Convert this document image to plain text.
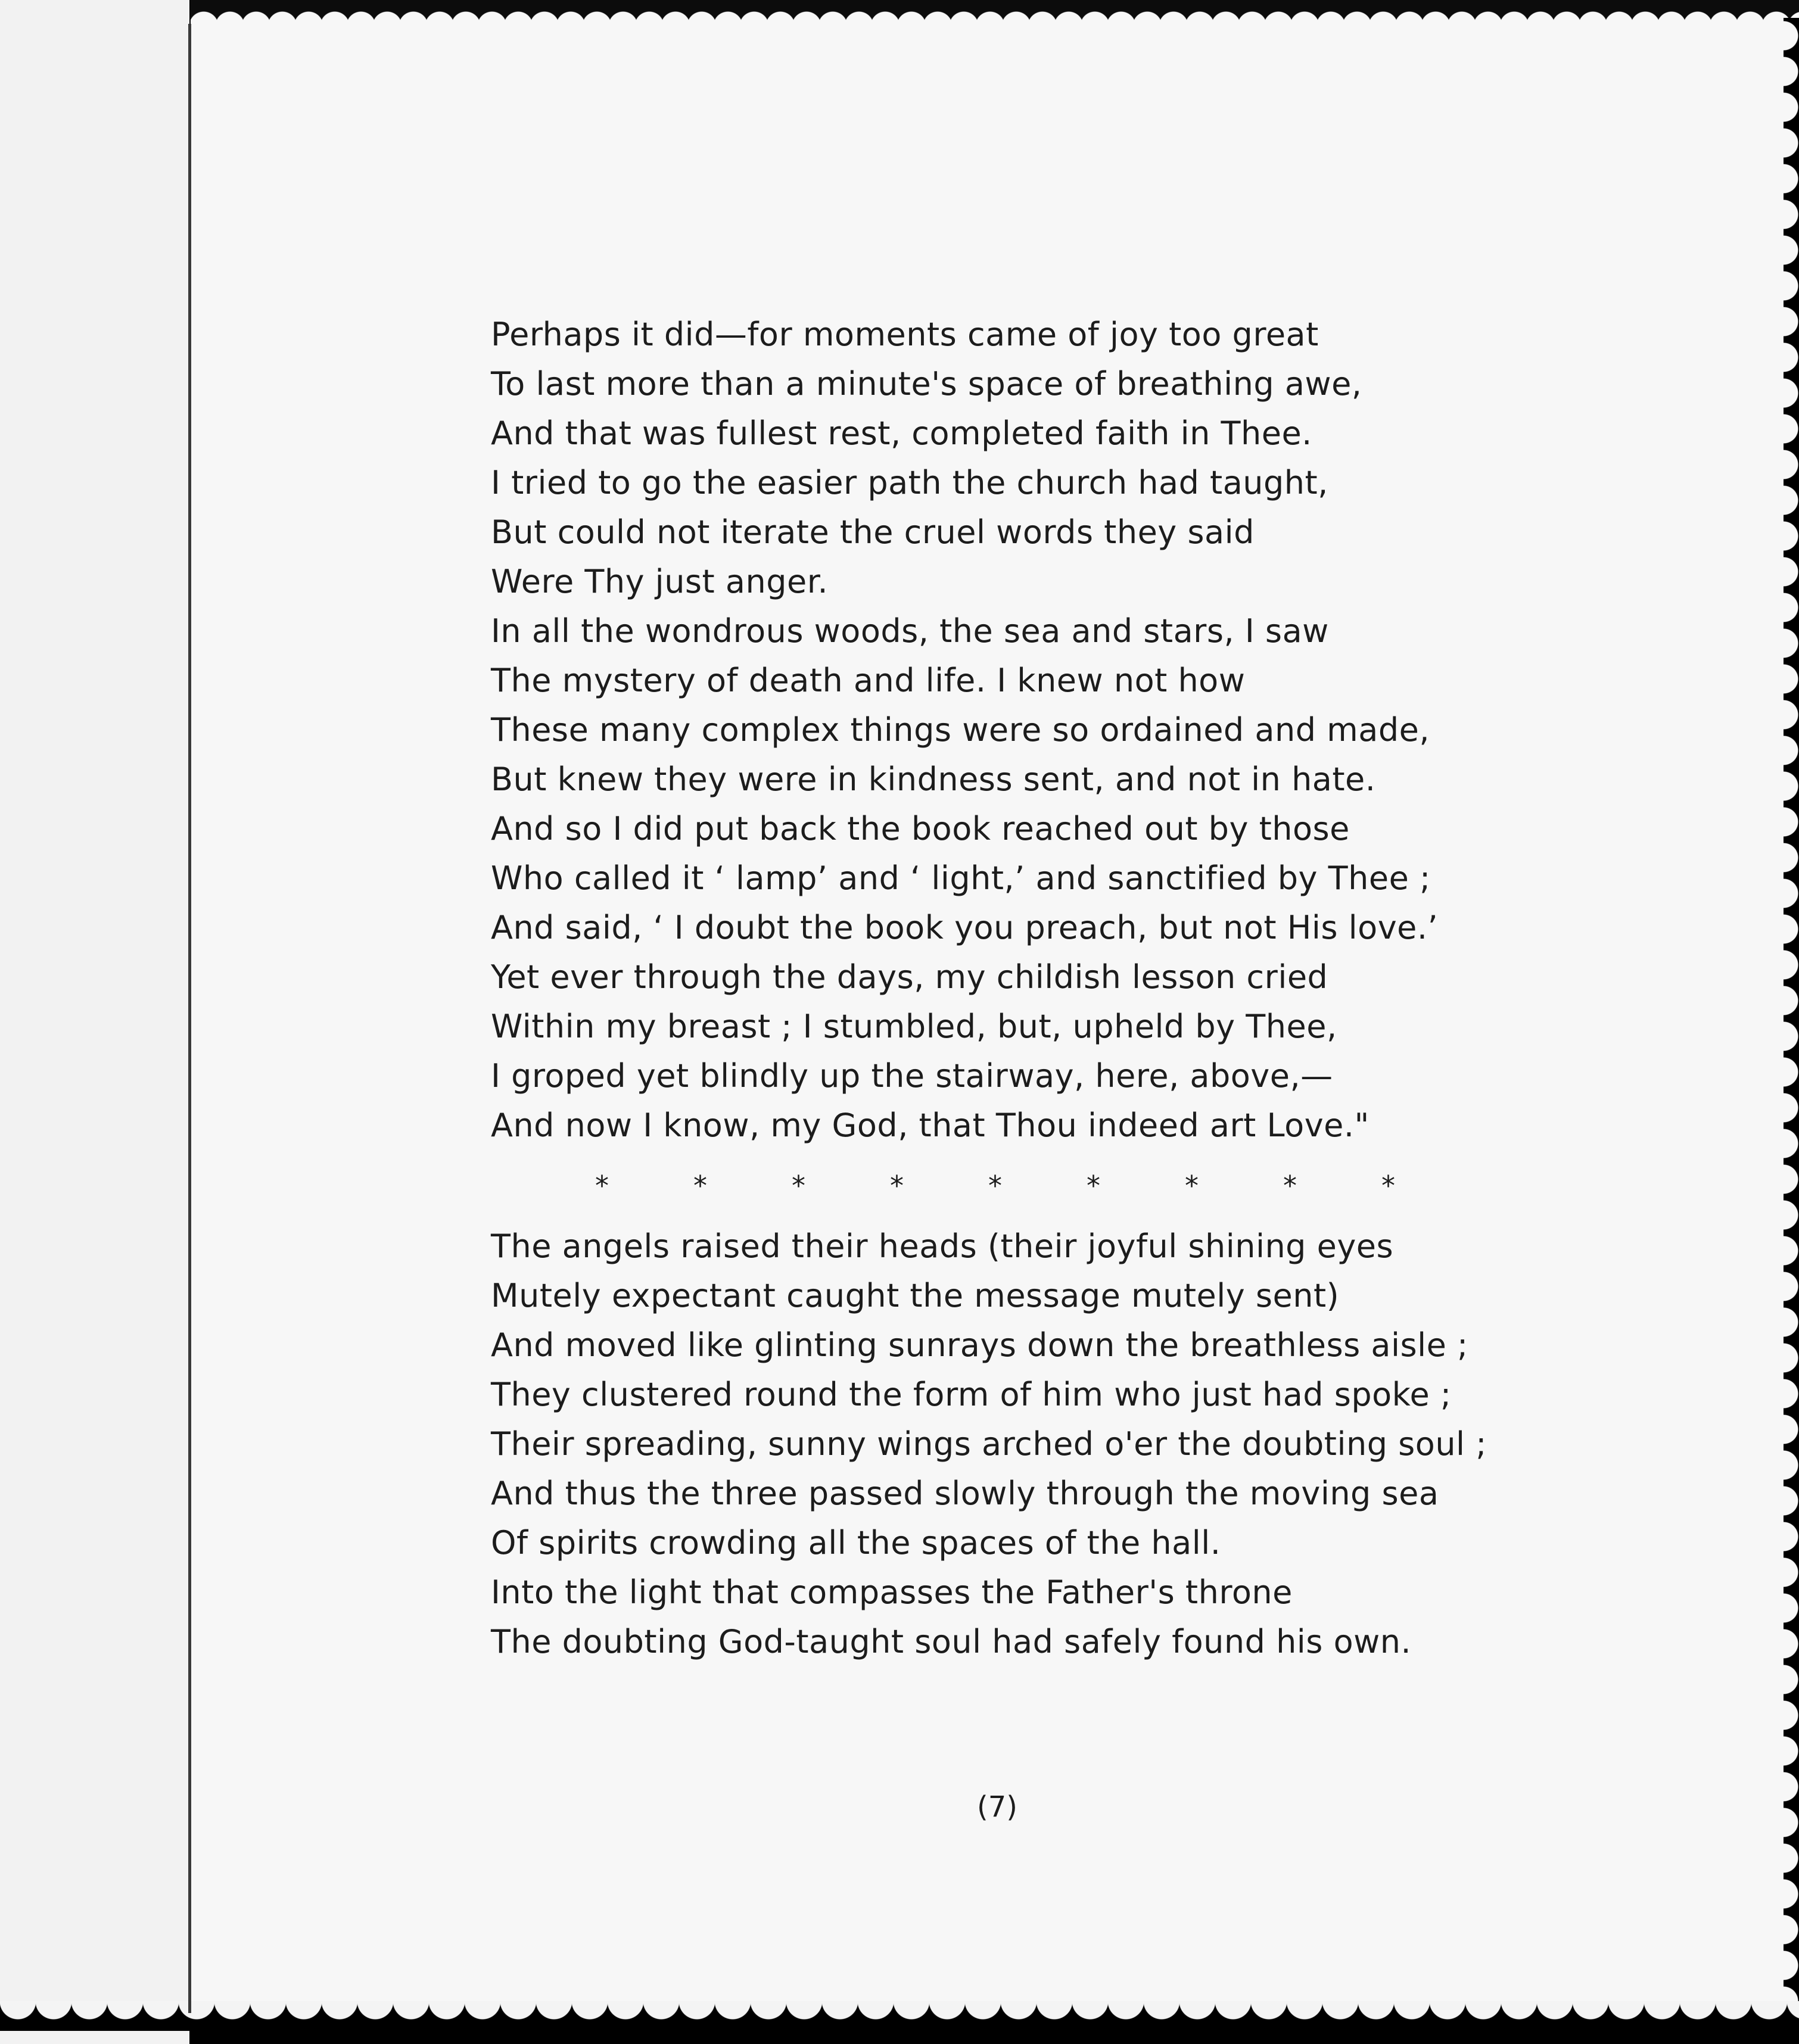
Perhaps it did—for moments came of joy too great
To last more than a minute's space of breathing awe,
And that was fullest rest, completed faith in Thee.
I tried to go the easier path the church had taught,
But could not iterate the cruel words they said
Were Thy just anger.
In all the wondrous woods, the sea and stars, I saw
The mystery of death and life. I knew not how
These many complex things were so ordained and made,
But knew they were in kindness sent, and not in hate.
And so I did put back the book reached out by those
Who called it ‘ lamp’ and ‘ light,’ and sanctified by Thee ;
And said, ‘ I doubt the book you preach, but not His love.’
Yet ever through the days, my childish lesson cried
Within my breast ; I stumbled, but, upheld by Thee,
I groped yet blindly up the stairway, here, above,—
And now I know, my God, that Thou indeed art Love."
*	*	*	*	*	*	*	*	*
The angels raised their heads (their joyful shining eyes
Mutely expectant caught the message mutely sent)
And moved like glinting sunrays down the breathless aisle ;
They clustered round the form of him who just had spoke ;
Their spreading, sunny wings arched o'er the doubting soul ;
And thus the three passed slowly through the moving sea
Of spirits crowding all the spaces of the hall.
Into the light that compasses the Father's throne
The doubting God-taught soul had safely found his own.
(7)
